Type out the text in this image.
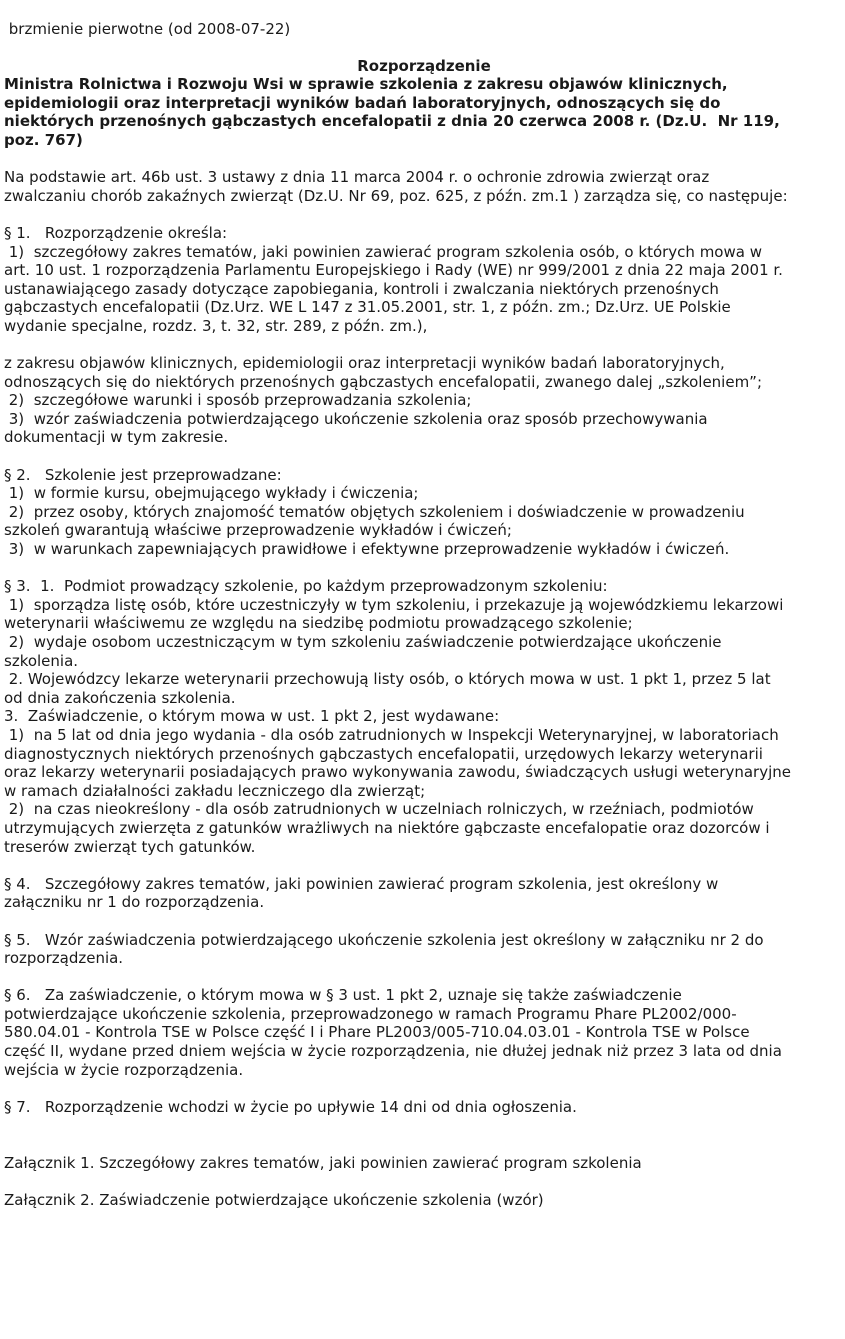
brzmienie pierwotne (od 2008-07-22)
Rozporządzenie
Ministra Rolnictwa i Rozwoju Wsi w sprawie szkolenia z zakresu objawów klinicznych,
epidemiologii oraz interpretacji wyników badań laboratoryjnych, odnoszących się do
niektórych przenośnych gąbczastych encefalopatii z dnia 20 czerwca 2008 r. (Dz.U.  Nr 119,
poz. 767)
Na podstawie art. 46b ust. 3 ustawy z dnia 11 marca 2004 r. o ochronie zdrowia zwierząt oraz
zwalczaniu chorób zakaźnych zwierząt (Dz.U. Nr 69, poz. 625, z późn. zm.1 ) zarządza się, co następuje:
§ 1.   Rozporządzenie określa:
1)  szczegółowy zakres tematów, jaki powinien zawierać program szkolenia osób, o których mowa w
art. 10 ust. 1 rozporządzenia Parlamentu Europejskiego i Rady (WE) nr 999/2001 z dnia 22 maja 2001 r.
ustanawiającego zasady dotyczące zapobiegania, kontroli i zwalczania niektórych przenośnych
gąbczastych encefalopatii (Dz.Urz. WE L 147 z 31.05.2001, str. 1, z późn. zm.; Dz.Urz. UE Polskie
wydanie specjalne, rozdz. 3, t. 32, str. 289, z późn. zm.),
z zakresu objawów klinicznych, epidemiologii oraz interpretacji wyników badań laboratoryjnych,
odnoszących się do niektórych przenośnych gąbczastych encefalopatii, zwanego dalej „szkoleniem”;
2)  szczegółowe warunki i sposób przeprowadzania szkolenia;
3)  wzór zaświadczenia potwierdzającego ukończenie szkolenia oraz sposób przechowywania
dokumentacji w tym zakresie.
§ 2.   Szkolenie jest przeprowadzane:
1)  w formie kursu, obejmującego wykłady i ćwiczenia;
2)  przez osoby, których znajomość tematów objętych szkoleniem i doświadczenie w prowadzeniu
szkoleń gwarantują właściwe przeprowadzenie wykładów i ćwiczeń;
3)  w warunkach zapewniających prawidłowe i efektywne przeprowadzenie wykładów i ćwiczeń.
§ 3.  1.  Podmiot prowadzący szkolenie, po każdym przeprowadzonym szkoleniu:
1)  sporządza listę osób, które uczestniczyły w tym szkoleniu, i przekazuje ją wojewódzkiemu lekarzowi
weterynarii właściwemu ze względu na siedzibę podmiotu prowadzącego szkolenie;
2)  wydaje osobom uczestniczącym w tym szkoleniu zaświadczenie potwierdzające ukończenie
szkolenia.
2. Wojewódzcy lekarze weterynarii przechowują listy osób, o których mowa w ust. 1 pkt 1, przez 5 lat
od dnia zakończenia szkolenia.
3.  Zaświadczenie, o którym mowa w ust. 1 pkt 2, jest wydawane:
1)  na 5 lat od dnia jego wydania - dla osób zatrudnionych w Inspekcji Weterynaryjnej, w laboratoriach
diagnostycznych niektórych przenośnych gąbczastych encefalopatii, urzędowych lekarzy weterynarii
oraz lekarzy weterynarii posiadających prawo wykonywania zawodu, świadczących usługi weterynaryjne
w ramach działalności zakładu leczniczego dla zwierząt;
2)  na czas nieokreślony - dla osób zatrudnionych w uczelniach rolniczych, w rzeźniach, podmiotów
utrzymujących zwierzęta z gatunków wrażliwych na niektóre gąbczaste encefalopatie oraz dozorców i
treserów zwierząt tych gatunków.
§ 4.   Szczegółowy zakres tematów, jaki powinien zawierać program szkolenia, jest określony w
załączniku nr 1 do rozporządzenia.
§ 5.   Wzór zaświadczenia potwierdzającego ukończenie szkolenia jest określony w załączniku nr 2 do
rozporządzenia.
§ 6.   Za zaświadczenie, o którym mowa w § 3 ust. 1 pkt 2, uznaje się także zaświadczenie
potwierdzające ukończenie szkolenia, przeprowadzonego w ramach Programu Phare PL2002/000-
580.04.01 - Kontrola TSE w Polsce część I i Phare PL2003/005-710.04.03.01 - Kontrola TSE w Polsce
część II, wydane przed dniem wejścia w życie rozporządzenia, nie dłużej jednak niż przez 3 lata od dnia
wejścia w życie rozporządzenia.
§ 7.   Rozporządzenie wchodzi w życie po upływie 14 dni od dnia ogłoszenia.
Załącznik 1. Szczegółowy zakres tematów, jaki powinien zawierać program szkolenia
Załącznik 2. Zaświadczenie potwierdzające ukończenie szkolenia (wzór)
